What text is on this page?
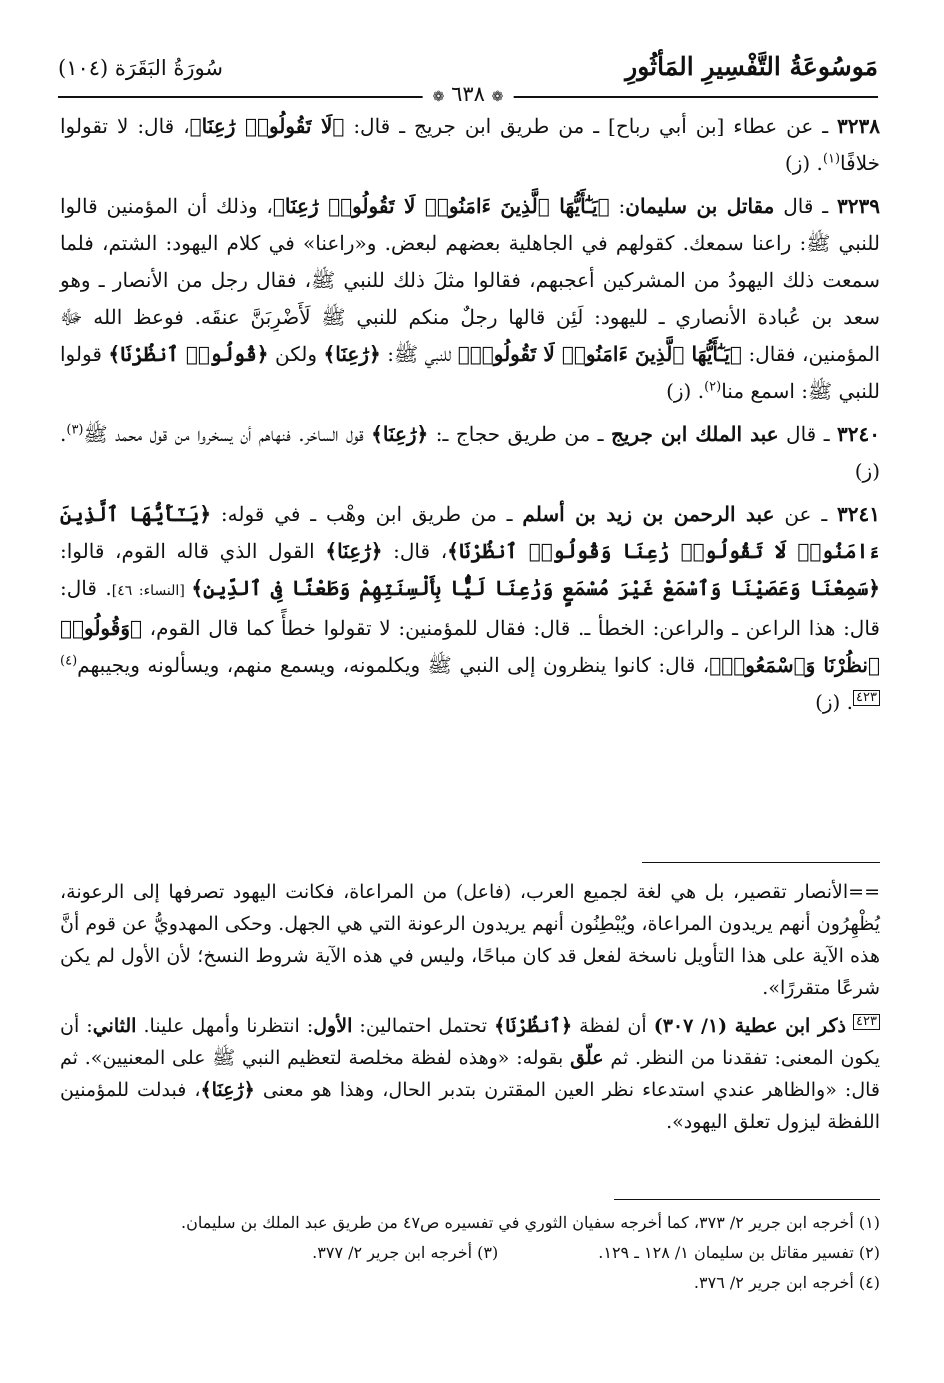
مَوسُوعَةُ التَّفْسِيرِ المَأثُورِ
سُورَةُ البَقَرَة (١٠٤)
❁ ٦٣٨ ❁

٣٢٣٨ ـ عن عطاء [بن أبي رباح] ـ من طريق ابن جريج ـ قال: ﴿لَا تَقُولُوا۟ رَٰعِنَا﴾، قال: لا تقولوا خلافًا$^{(١)}$. (ز)

٣٢٣٩ ـ قال مقاتل بن سليمان: ﴿يَـٰٓأَيُّهَا ٱلَّذِينَ ءَامَنُوا۟ لَا تَقُولُوا۟ رَٰعِنَا﴾، وذلك أن المؤمنين قالوا للنبي ﷺ: راعنا سمعك. كقولهم في الجاهلية بعضهم لبعض. و«راعنا» في كلام اليهود: الشتم، فلما سمعت ذلك اليهودُ من المشركين أعجبهم، فقالوا مثلَ ذلك للنبي ﷺ، فقال رجل من الأنصار ـ وهو سعد بن عُبادة الأنصاري ـ لليهود: لَئِن قالها رجلٌ منكم للنبي ﷺ لَأَضْرِبَنَّ عنقَه. فوعظ الله ﷻ المؤمنين، فقال: ﴿يَـٰٓأَيُّهَا ٱلَّذِينَ ءَامَنُوا۟ لَا تَقُولُوا۟﴾ للنبي ﷺ: ﴿رَٰعِنَا﴾ ولكن ﴿قُولُوا۟ ٱنظُرْنَا﴾ قولوا للنبي ﷺ: اسمع منا$^{(٢)}$. (ز)

٣٢٤٠ ـ قال عبد الملك ابن جريج ـ من طريق حجاج ـ: ﴿رَٰعِنَا﴾ قول الساخر. فنهاهم أن يسخروا من قول محمد ﷺ$^{(٣)}$. (ز)

٣٢٤١ ـ عن عبد الرحمن بن زيد بن أسلم ـ من طريق ابن وهْب ـ في قوله: ﴿يَـٰٓأَيُّهَا ٱلَّذِينَ ءَامَنُوا۟ لَا تَقُولُوا۟ رَٰعِنَا وَقُولُوا۟ ٱنظُرْنَا﴾، قال: ﴿رَٰعِنَا﴾ القول الذي قاله القوم، قالوا: ﴿سَمِعْنَا وَعَصَيْنَا وَٱسْمَعْ غَيْرَ مُسْمَعٍ وَرَٰعِنَا لَيًّۢا بِأَلْسِنَتِهِمْ وَطَعْنًا فِى ٱلدِّينِ﴾ [النساء: ٤٦]. قال: قال: هذا الراعن ـ والراعن: الخطأ ـ. قال: فقال للمؤمنين: لا تقولوا خطأً كما قال القوم، ﴿وَقُولُوا۟ ٱنظُرْنَا وَٱسْمَعُوا۟﴾، قال: كانوا ينظرون إلى النبي ﷺ ويكلمونه، ويسمع منهم، ويسألونه ويجيبهم$^{(٤)}$٤٢٣. (ز)

==الأنصار تقصير، بل هي لغة لجميع العرب، (فاعل) من المراعاة، فكانت اليهود تصرفها إلى الرعونة، يُظْهِرُون أنهم يريدون المراعاة، ويُبْطِنُون أنهم يريدون الرعونة التي هي الجهل. وحكى المهدويُّ عن قوم أنَّ هذه الآية على هذا التأويل ناسخة لفعل قد كان مباحًا، وليس في هذه الآية شروط النسخ؛ لأن الأول لم يكن شرعًا متقررًا».

٤٢٣ ذكر ابن عطية (١/ ٣٠٧) أن لفظة ﴿ٱنظُرْنَا﴾ تحتمل احتمالين: الأول: انتظرنا وأمهل علينا. الثاني: أن يكون المعنى: تفقدنا من النظر. ثم علّق بقوله: «وهذه لفظة مخلصة لتعظيم النبي ﷺ على المعنيين». ثم قال: «والظاهر عندي استدعاء نظر العين المقترن بتدبر الحال، وهذا هو معنى ﴿رَٰعِنَا﴾، فبدلت للمؤمنين اللفظة ليزول تعلق اليهود».

(١) أخرجه ابن جرير ٢/ ٣٧٣، كما أخرجه سفيان الثوري في تفسيره ص٤٧ من طريق عبد الملك بن سليمان.

(٢) تفسير مقاتل بن سليمان ١/ ١٢٨ ـ ١٢٩.

(٣) أخرجه ابن جرير ٢/ ٣٧٧.

(٤) أخرجه ابن جرير ٢/ ٣٧٦.
